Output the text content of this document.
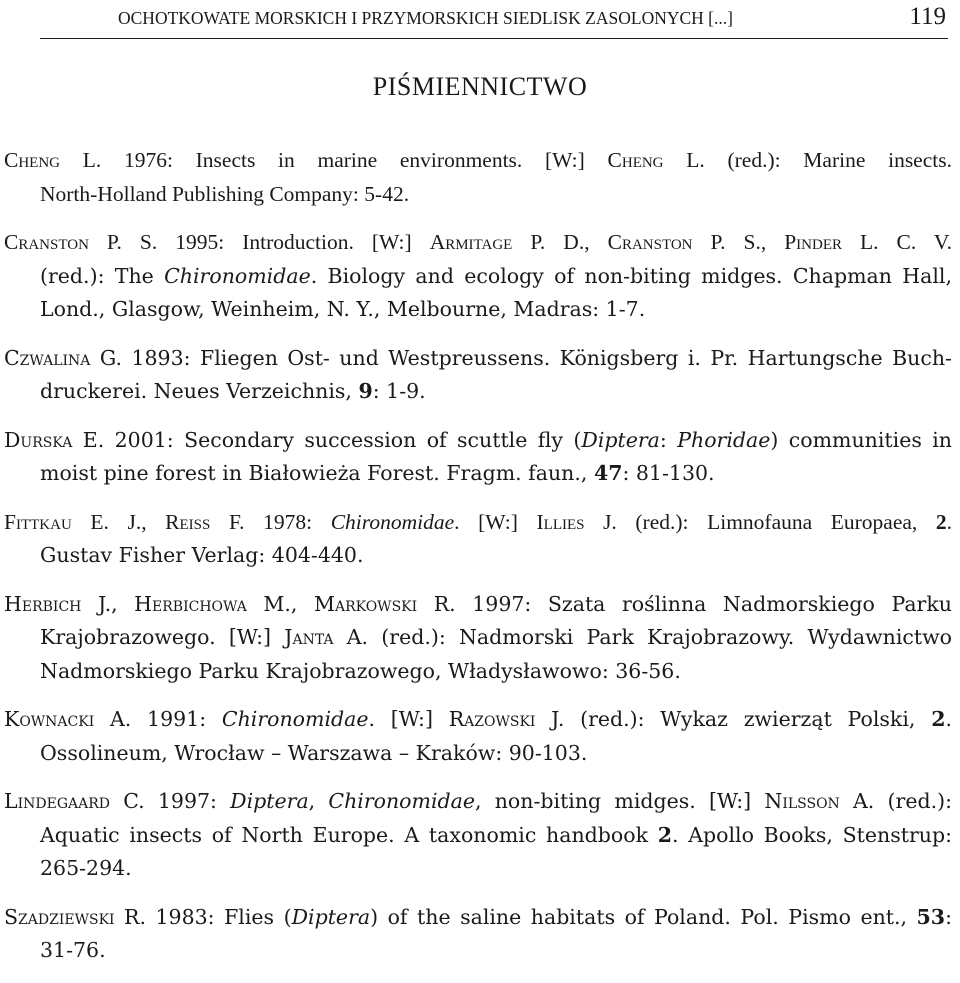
OCHOTKOWATE MORSKICH I PRZYMORSKICH SIEDLISK ZASOLONYCH [...]	119
PIŚMIENNICTWO
Cheng L. 1976: Insects in marine environments. [W:] Cheng L. (red.): Marine insects.
North-Holland Publishing Company: 5-42.
Cranston P. S. 1995: Introduction. [W:] Armitage P. D., Cranston P. S., Pinder L. C. V.
(red.): The Chironomidae. Biology and ecology of non-biting midges. Chapman Hall,
Lond., Glasgow, Weinheim, N. Y., Melbourne, Madras: 1-7.
Czwalina G. 1893: Fliegen Ost- und Westpreussens. Königsberg i. Pr. Hartungsche Buch-
druckerei. Neues Verzeichnis, 9: 1-9.
Durska E. 2001: Secondary succession of scuttle fly (Diptera: Phoridae) communities in
moist pine forest in Białowieża Forest. Fragm. faun., 47: 81-130.
Fittkau E. J., Reiss F. 1978: Chironomidae. [W:] Illies J. (red.): Limnofauna Europaea, 2.
Gustav Fisher Verlag: 404-440.
Herbich J., Herbichowa M., Markowski R. 1997: Szata roślinna Nadmorskiego Parku
Krajobrazowego. [W:] Janta A. (red.): Nadmorski Park Krajobrazowy. Wydawnictwo
Nadmorskiego Parku Krajobrazowego, Władysławowo: 36-56.
Kownacki A. 1991: Chironomidae. [W:] Razowski J. (red.): Wykaz zwierząt Polski, 2.
Ossolineum, Wrocław – Warszawa – Kraków: 90-103.
Lindegaard C. 1997: Diptera, Chironomidae, non-biting midges. [W:] Nilsson A. (red.):
Aquatic insects of North Europe. A taxonomic handbook 2. Apollo Books, Stenstrup:
265-294.
Szadziewski R. 1983: Flies (Diptera) of the saline habitats of Poland. Pol. Pismo ent., 53:
31-76.
